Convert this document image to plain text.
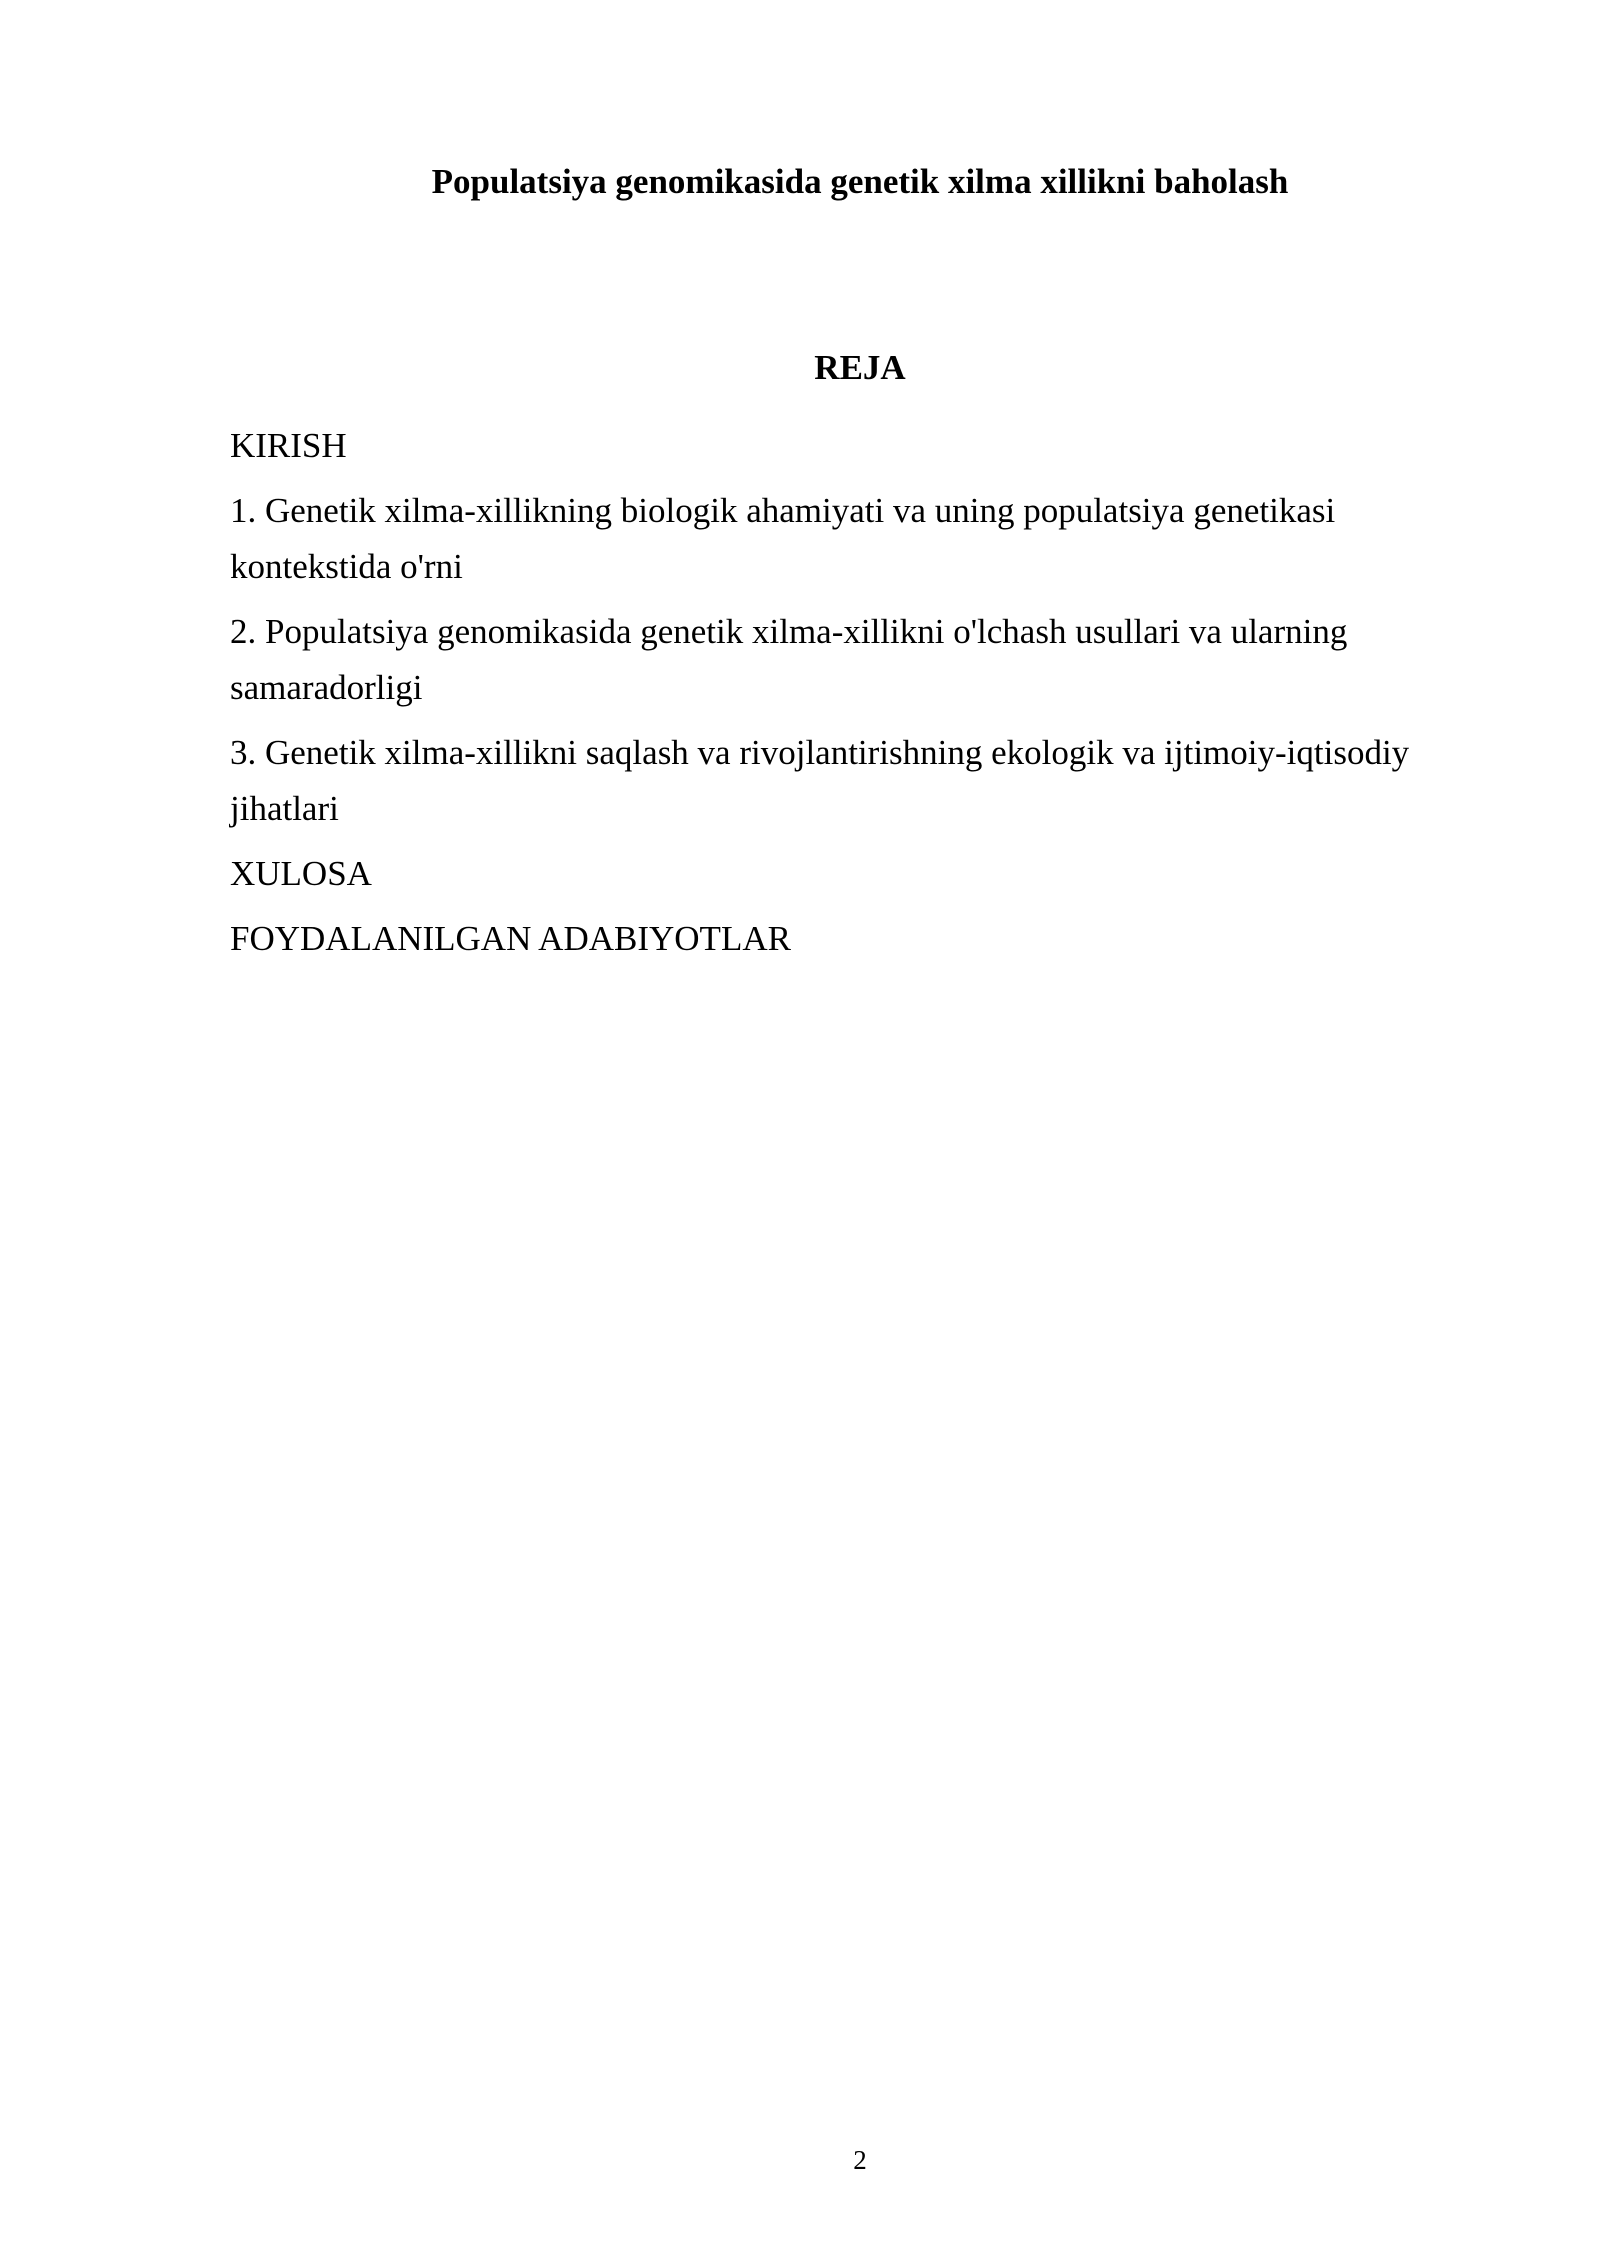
Populatsiya genomikasida genetik xilma xillikni baholash
REJA
KIRISH
1. Genetik xilma-xillikning biologik ahamiyati va uning populatsiya genetikasi kontekstida o'rni
2. Populatsiya genomikasida genetik xilma-xillikni o'lchash usullari va ularning samaradorligi
3. Genetik xilma-xillikni saqlash va rivojlantirishning ekologik va ijtimoiy-iqtisodiy jihatlari
XULOSA
FOYDALANILGAN ADABIYOTLAR
2
